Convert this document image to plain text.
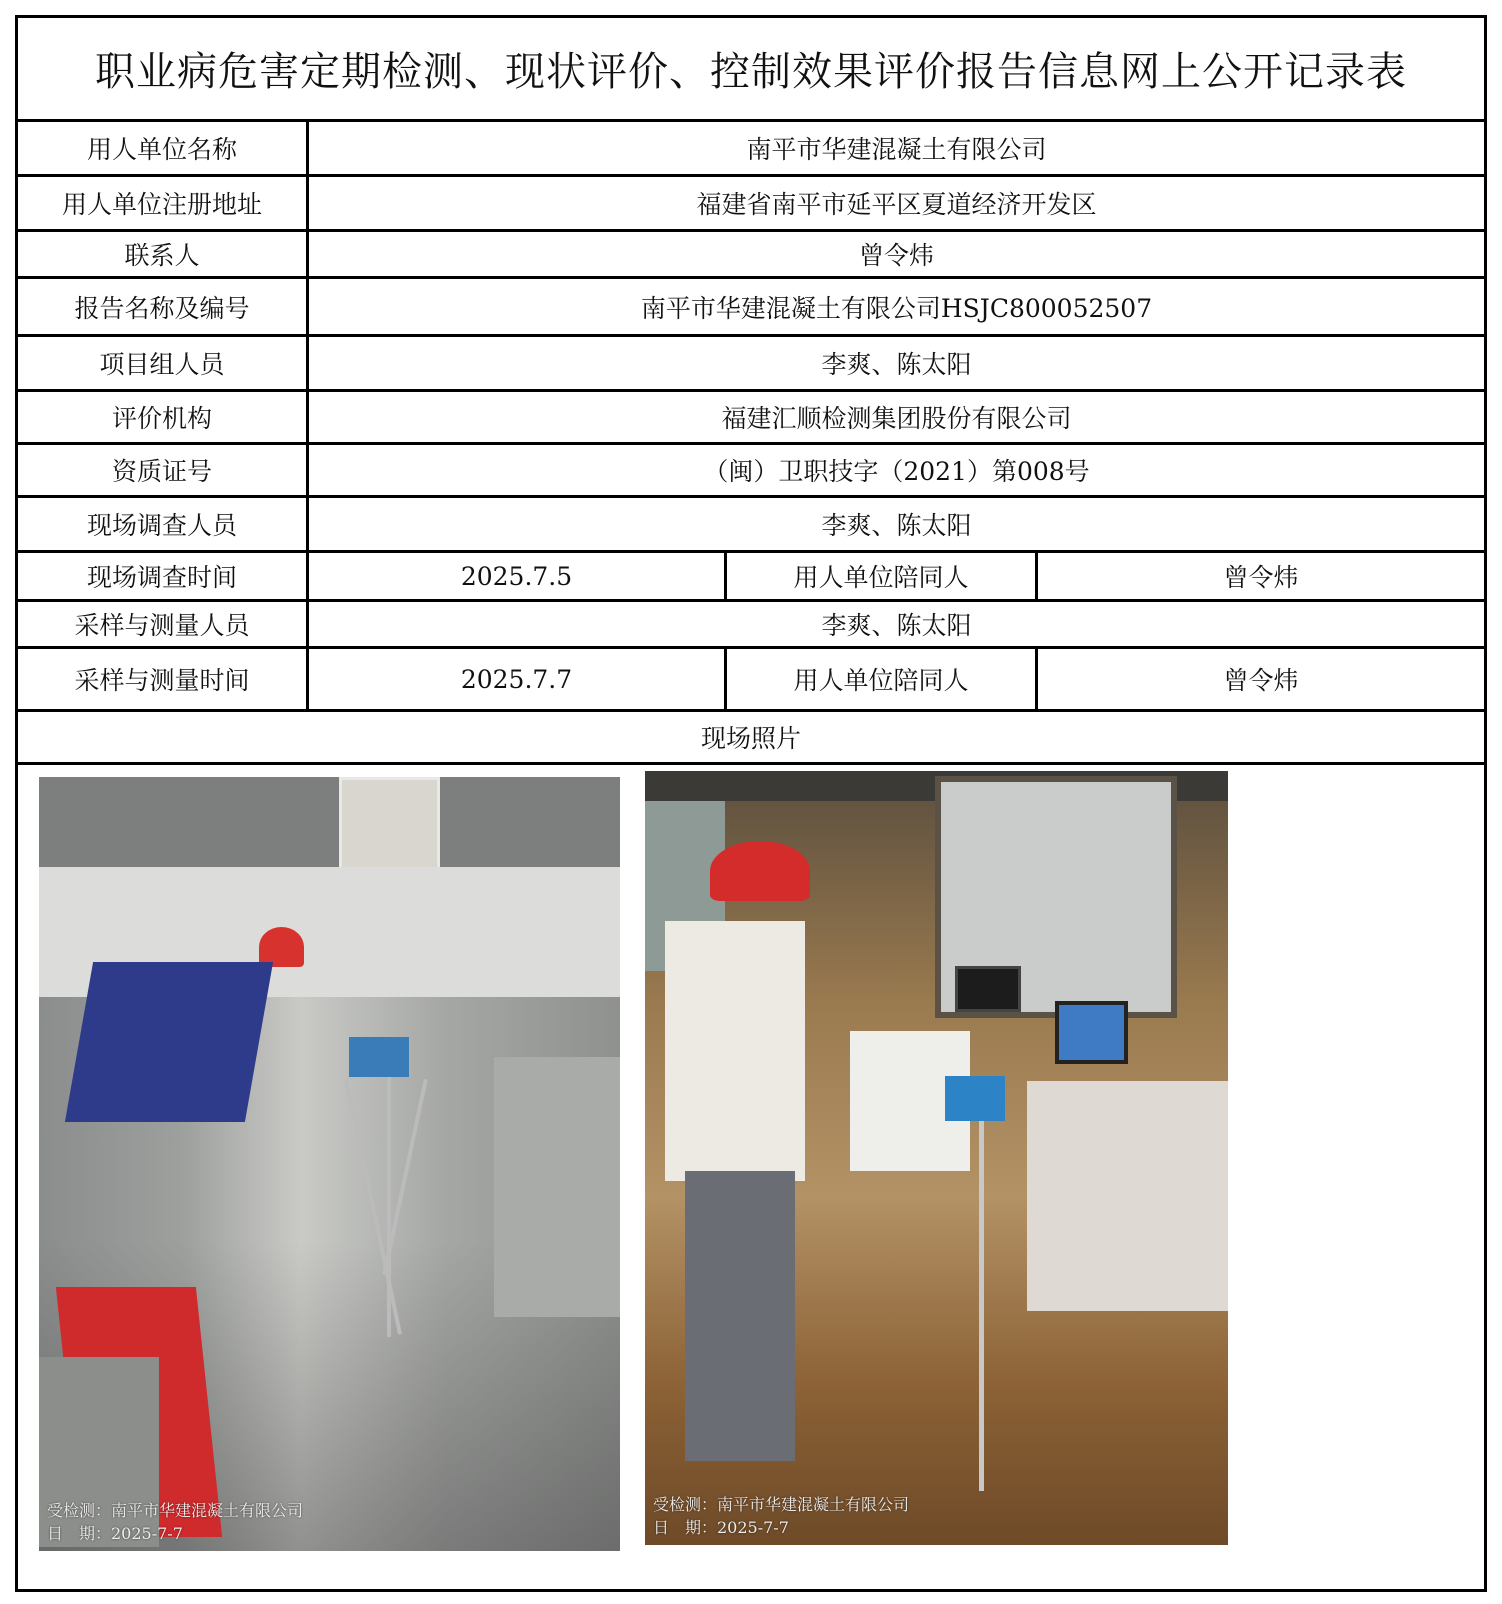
职业病危害定期检测、现状评价、控制效果评价报告信息网上公开记录表
用人单位名称	南平市华建混凝土有限公司
用人单位注册地址	福建省南平市延平区夏道经济开发区
联系人	曾令炜
报告名称及编号	南平市华建混凝土有限公司HSJC800052507
项目组人员	李爽、陈太阳
评价机构	福建汇顺检测集团股份有限公司
资质证号	（闽）卫职技字（2021）第008号
现场调查人员	李爽、陈太阳
现场调查时间	2025.7.5	用人单位陪同人	曾令炜
采样与测量人员	李爽、陈太阳
采样与测量时间	2025.7.7	用人单位陪同人	曾令炜
现场照片
受检测：南平市华建混凝土有限公司
日　期：2025-7-7
受检测：南平市华建混凝土有限公司
日　期：2025-7-7
